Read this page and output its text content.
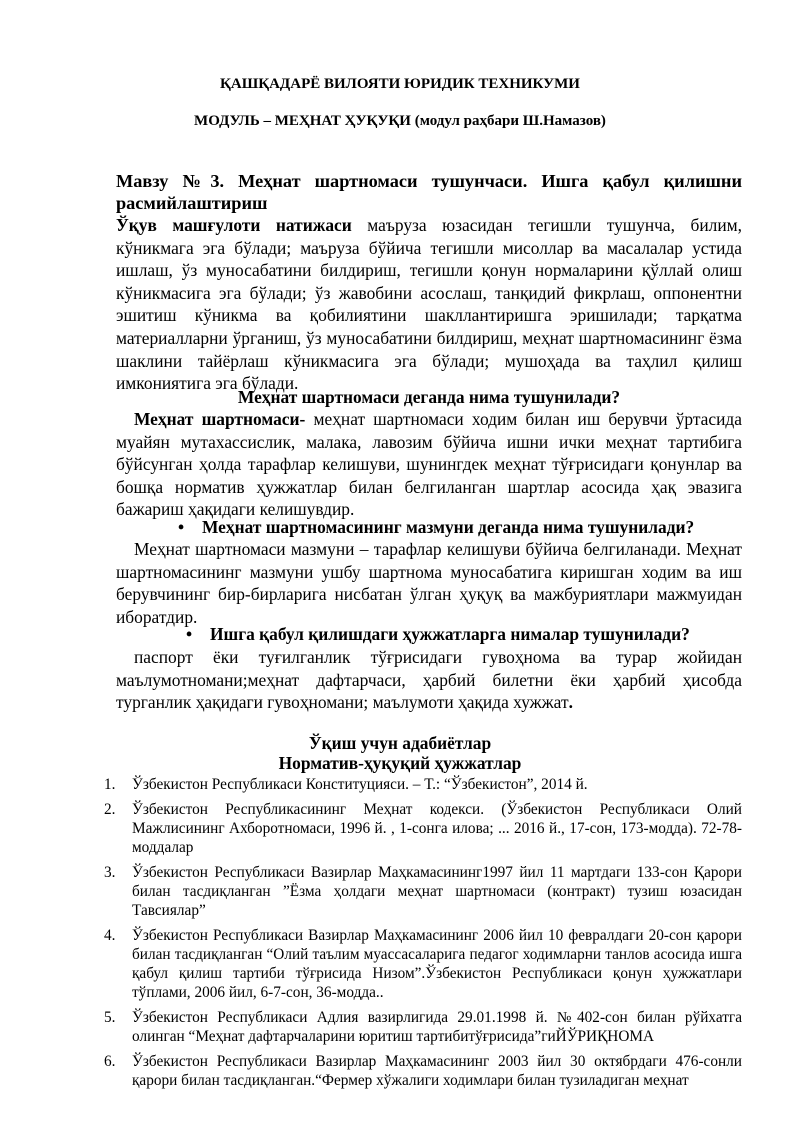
ҚАШҚАДАРЁ ВИЛОЯТИ ЮРИДИК ТЕХНИКУМИ
МОДУЛЬ – МЕҲНАТ ҲУҚУҚИ (модул раҳбари Ш.Намазов)
Мавзу №3. Меҳнат шартномаси тушунчаси. Ишга қабул қилишни расмийлаштириш

Ўқув машғулоти натижаси маърузa юзасидан тегишли тушунча, билим, кўникмага эга бўлади; маъруза бўйича тегишли мисоллар ва масалалар устида ишлаш, ўз муносабатини билдириш, тегишли қонун нормаларини қўллай олиш кўникмасига эга бўлади; ўз жавобини асослаш, танқидий фикрлаш, оппонентни эшитиш кўникма ва қобилиятини шакллантиришга эришилади; тарқатма материалларни ўрганиш, ўз муносабатини билдириш, меҳнат шартномасининг ёзма шаклини тайёрлаш кўникмасига эга бўлади; мушоҳада ва таҳлил қилиш имкониятига эга бўлади.

Меҳнат шартномаси деганда нима тушунилади?

Меҳнат шартномаси- меҳнат шартномаси ходим билан иш берувчи ўртасида муайян мутахассислик, малака, лавозим бўйича ишни ички меҳнат тартибига бўйсунган ҳолда тарафлар келишуви, шунингдек меҳнат тўғрисидаги қонунлар ва бошқа норматив ҳужжатлар билан белгиланган шартлар асосида ҳақ эвазига бажариш ҳақидаги келишувдир.

• Меҳнат шартномасининг мазмуни деганда нима тушунилади?

Меҳнат шартномаси мазмуни – тарафлар келишуви бўйича белгиланади. Меҳнат шартномасининг мазмуни ушбу шартнома муносабатига киришган ходим ва иш берувчининг бир-бирларига нисбатан ўлган ҳуқуқ ва мажбуриятлари мажмуидан иборатдир.

• Ишга қабул қилишдаги ҳужжатларга нималар тушунилади?

паспорт ёки туғилганлик тўғрисидаги гувоҳнома ва турар жойидан маълумотномани;меҳнат дафтарчаси, ҳарбий билетни ёки ҳарбий ҳисобда турганлик ҳақидаги гувоҳномани; маълумоти ҳақида хужжат.

Ўқиш учун адабиётлар
Норматив-ҳуқуқий ҳужжатлар
1. Ўзбекистон Республикаси Конституцияси. – Т.: “Ўзбекистон”, 2014 й.
2. Ўзбекистон Республикасининг Меҳнат кодекси. (Ўзбекистон Республикаси Олий Мажлисининг Ахборотномаси, 1996 й. , 1-сонга илова; ... 2016 й., 17-сон, 173-модда). 72-78-моддалар
3. Ўзбекистон Республикаси Вазирлар Маҳкамасининг1997 йил 11 мартдаги 133-сон Қарори билан тасдиқланган ”Ёзма ҳолдаги меҳнат шартномаси (контракт) тузиш юзасидан Тавсиялар”
4. Ўзбекистон Республикаси Вазирлар Маҳкамасининг 2006 йил 10 февралдаги 20-сон қарори билан тасдиқланган “Олий таълим муассасаларига педагог ходимларни танлов асосида ишга қабул қилиш тартиби тўғрисида Низом”.Ўзбекистон Республикаси қонун ҳужжатлари тўплами, 2006 йил, 6-7-сон, 36-модда..
5. Ўзбекистон Республикаси Адлия вазирлигида 29.01.1998 й. №402-сон билан рўйхатга олинган “Меҳнат дафтарчаларини юритиш тартибитўғрисида”гиЙЎРИҚНОМА
6. Ўзбекистон Республикаси Вазирлар Маҳкамасининг 2003 йил 30 октябрдаги 476-сонли қарори билан тасдиқланган.“Фермер хўжалиги ходимлари билан тузиладиган меҳнат
